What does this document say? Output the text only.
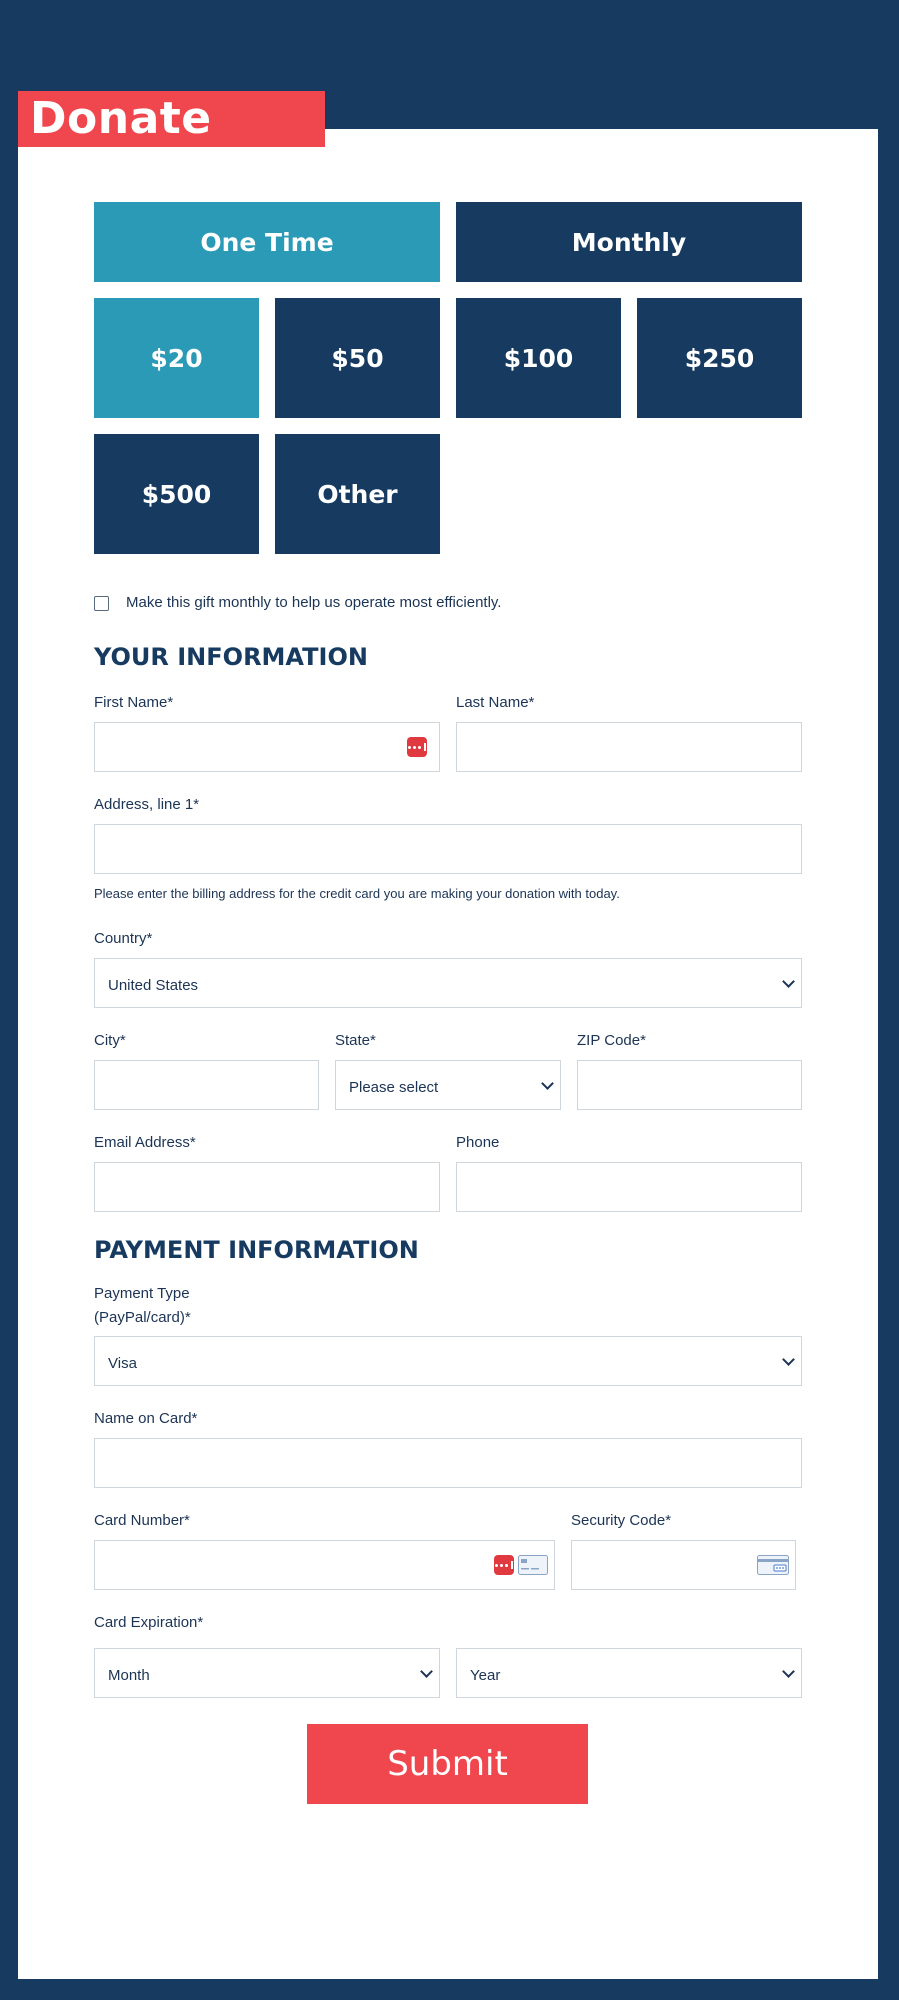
Donate Now
One Time	Monthly
$20	$50	$100	$250
$500	Other
Make this gift monthly to help us operate most efficiently.
YOUR INFORMATION
First Name*	Last Name*
Address, line 1*
Please enter the billing address for the credit card you are making your donation with today.
Country*
United States
City*	State*	ZIP Code*
Please select
Email Address*	Phone
PAYMENT INFORMATION
Payment Type
(PayPal/card)*
Visa
Name on Card*
Card Number*	Security Code*
Card Expiration*
Month	Year
Submit
